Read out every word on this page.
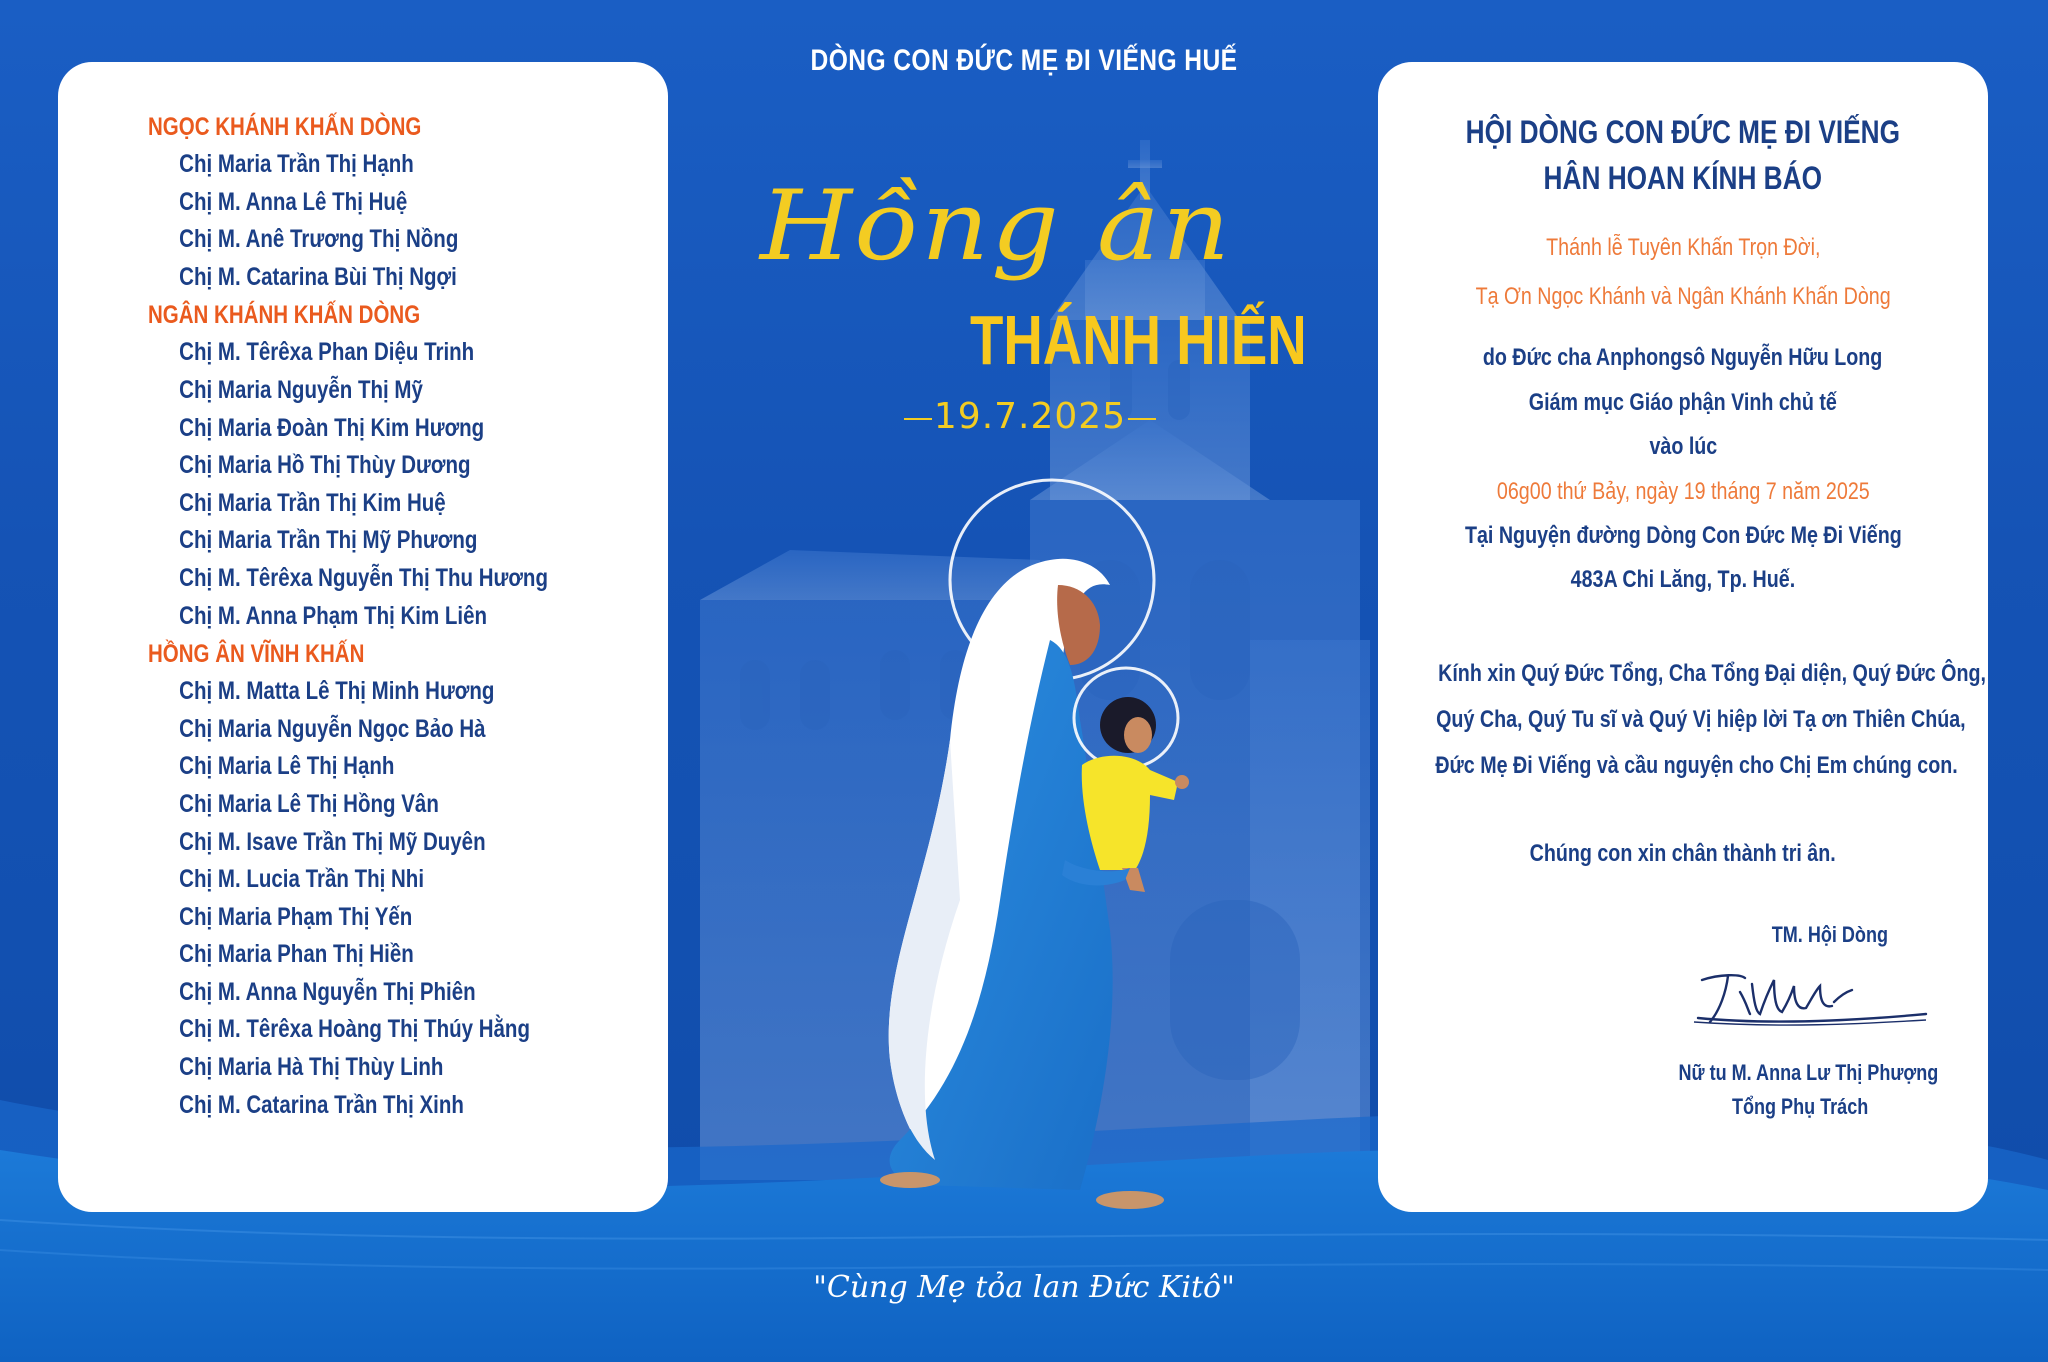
DÒNG CON ĐỨC MẸ ĐI VIẾNG HUẾ
NGỌC KHÁNH KHẤN DÒNG
Chị Maria Trần Thị Hạnh
Chị M. Anna Lê Thị Huệ
Chị M. Anê Trương Thị Nồng
Chị M. Catarina Bùi Thị Ngợi
NGÂN KHÁNH KHẤN DÒNG
Chị M. Têrêxa Phan Diệu Trinh
Chị Maria Nguyễn Thị Mỹ
Chị Maria Đoàn Thị Kim Hương
Chị Maria Hồ Thị Thùy Dương
Chị Maria Trần Thị Kim Huệ
Chị Maria Trần Thị Mỹ Phương
Chị M. Têrêxa Nguyễn Thị Thu Hương
Chị M. Anna Phạm Thị Kim Liên
HỒNG ÂN VĨNH KHẤN
Chị M. Matta Lê Thị Minh Hương
Chị Maria Nguyễn Ngọc Bảo Hà
Chị Maria Lê Thị Hạnh
Chị Maria Lê Thị Hồng Vân
Chị M. Isave Trần Thị Mỹ Duyên
Chị M. Lucia Trần Thị Nhi
Chị Maria Phạm Thị Yến
Chị Maria Phan Thị Hiền
Chị M. Anna Nguyễn Thị Phiên
Chị M. Têrêxa Hoàng Thị Thúy Hằng
Chị Maria Hà Thị Thùy Linh
Chị M. Catarina Trần Thị Xinh
Hồng ân
THÁNH HIẾN
19.7.2025
HỘI DÒNG CON ĐỨC MẸ ĐI VIẾNG
HÂN HOAN KÍNH BÁO
Thánh lễ Tuyên Khấn Trọn Đời,
Tạ Ơn Ngọc Khánh và Ngân Khánh Khấn Dòng
do Đức cha Anphongsô Nguyễn Hữu Long
Giám mục Giáo phận Vinh chủ tế
vào lúc
06g00 thứ Bảy, ngày 19 tháng 7 năm 2025
Tại Nguyện đường Dòng Con Đức Mẹ Đi Viếng
483A Chi Lăng, Tp. Huế.
Kính xin Quý Đức Tổng, Cha Tổng Đại diện, Quý Đức Ông,
Quý Cha, Quý Tu sĩ và Quý Vị hiệp lời Tạ ơn Thiên Chúa,
Đức Mẹ Đi Viếng và cầu nguyện cho Chị Em chúng con.
Chúng con xin chân thành tri ân.
TM. Hội Dòng
Nữ tu M. Anna Lư Thị Phượng
Tổng Phụ Trách
"Cùng Mẹ tỏa lan Đức Kitô"
